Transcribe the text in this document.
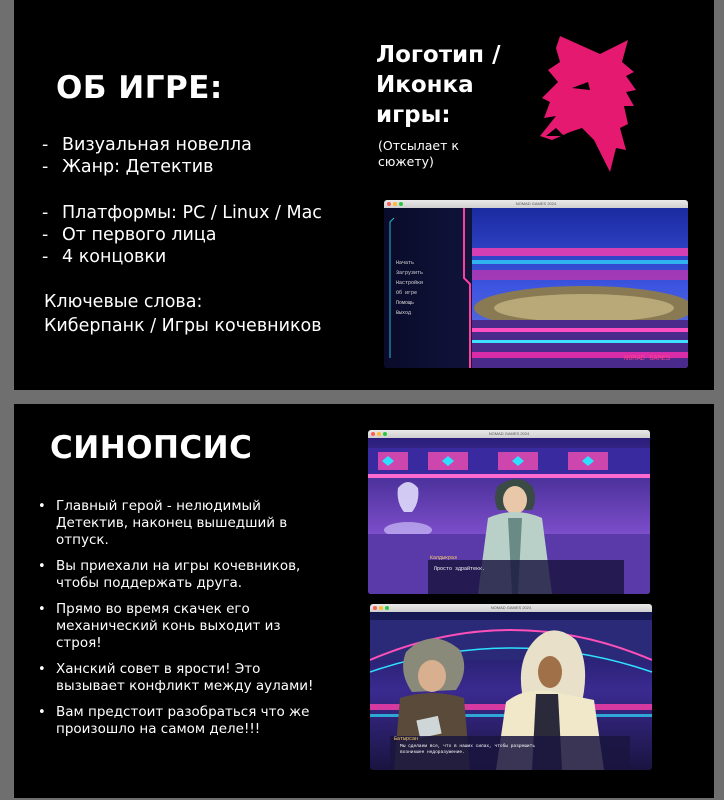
ОБ ИГРЕ:
- Визуальная новелла
- Жанр: Детектив
- Платформы: PC / Linux / Mac
- От первого лица
- 4 концовки
Ключевые слова:
Киберпанк / Игры кочевников
Логотип /
Иконка
игры:
(Отсылает к
сюжету)
NOMAD GAMES 2024
NOMAD GAMES
Начать
Загрузить
Настройки
Об игре
Помощь
Выход
СИНОПСИС
• Главный герой - нелюдимый
Детектив, наконец вышедший в
отпуск.
• Вы приехали на игры кочевников,
чтобы поддержать друга.
• Прямо во время скачек его
механический конь выходит из
строя!
• Ханский совет в ярости! Это
вызывает конфликт между аулами!
• Вам предстоит разобраться что же
произошло на самом деле!!!
NOMAD GAMES 2024
Калдыкраз
Просто здрайтекк.
NOMAD GAMES 2024
Батырсан
Мы сделаем все, что в наших силах, чтобы разрешить
возникшее недоразумение.
